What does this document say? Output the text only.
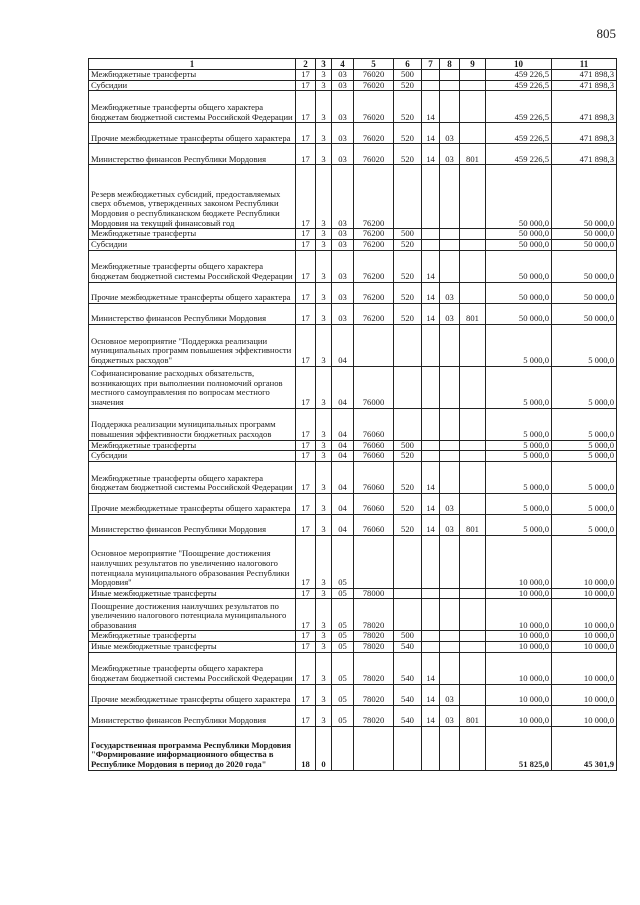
805
1	2	3	4	5	6	7	8	9	10	11
Межбюджетные трансферты	17	3	03	76020	500				459 226,5	471 898,3
Субсидии	17	3	03	76020	520				459 226,5	471 898,3
Межбюджетные трансферты общего характера бюджетам бюджетной системы Российской Федерации	17	3	03	76020	520	14			459 226,5	471 898,3
Прочие межбюджетные трансферты общего характера	17	3	03	76020	520	14	03		459 226,5	471 898,3
Министерство финансов Республики Мордовия	17	3	03	76020	520	14	03	801	459 226,5	471 898,3
Резерв межбюджетных субсидий, предоставляемых сверх объемов, утвержденных законом Республики Мордовия о республиканском бюджете Республики Мордовия на текущий финансовый год	17	3	03	76200					50 000,0	50 000,0
Межбюджетные трансферты	17	3	03	76200	500				50 000,0	50 000,0
Субсидии	17	3	03	76200	520				50 000,0	50 000,0
Межбюджетные трансферты общего характера бюджетам бюджетной системы Российской Федерации	17	3	03	76200	520	14			50 000,0	50 000,0
Прочие межбюджетные трансферты общего характера	17	3	03	76200	520	14	03		50 000,0	50 000,0
Министерство финансов Республики Мордовия	17	3	03	76200	520	14	03	801	50 000,0	50 000,0
Основное мероприятие "Поддержка реализации муниципальных программ повышения эффективности бюджетных расходов"	17	3	04						5 000,0	5 000,0
Софинансирование расходных обязательств, возникающих при выполнении полномочий органов местного самоуправления по вопросам местного значения	17	3	04	76000					5 000,0	5 000,0
Поддержка реализации муниципальных программ повышения эффективности бюджетных расходов	17	3	04	76060					5 000,0	5 000,0
Межбюджетные трансферты	17	3	04	76060	500				5 000,0	5 000,0
Субсидии	17	3	04	76060	520				5 000,0	5 000,0
Межбюджетные трансферты общего характера бюджетам бюджетной системы Российской Федерации	17	3	04	76060	520	14			5 000,0	5 000,0
Прочие межбюджетные трансферты общего характера	17	3	04	76060	520	14	03		5 000,0	5 000,0
Министерство финансов Республики Мордовия	17	3	04	76060	520	14	03	801	5 000,0	5 000,0
Основное мероприятие "Поощрение достижения наилучших результатов по увеличению налогового потенциала муниципального образования Республики Мордовия"	17	3	05						10 000,0	10 000,0
Иные межбюджетные трансферты	17	3	05	78000					10 000,0	10 000,0
Поощрение достижения наилучших результатов по увеличению налогового потенциала муниципального образования	17	3	05	78020					10 000,0	10 000,0
Межбюджетные трансферты	17	3	05	78020	500				10 000,0	10 000,0
Иные межбюджетные трансферты	17	3	05	78020	540				10 000,0	10 000,0
Межбюджетные трансферты общего характера бюджетам бюджетной системы Российской Федерации	17	3	05	78020	540	14			10 000,0	10 000,0
Прочие межбюджетные трансферты общего характера	17	3	05	78020	540	14	03		10 000,0	10 000,0
Министерство финансов Республики Мордовия	17	3	05	78020	540	14	03	801	10 000,0	10 000,0
Государственная программа Республики Мордовия "Формирование информационного общества в Республике Мордовия в период до 2020 года"	18	0							51 825,0	45 301,9
